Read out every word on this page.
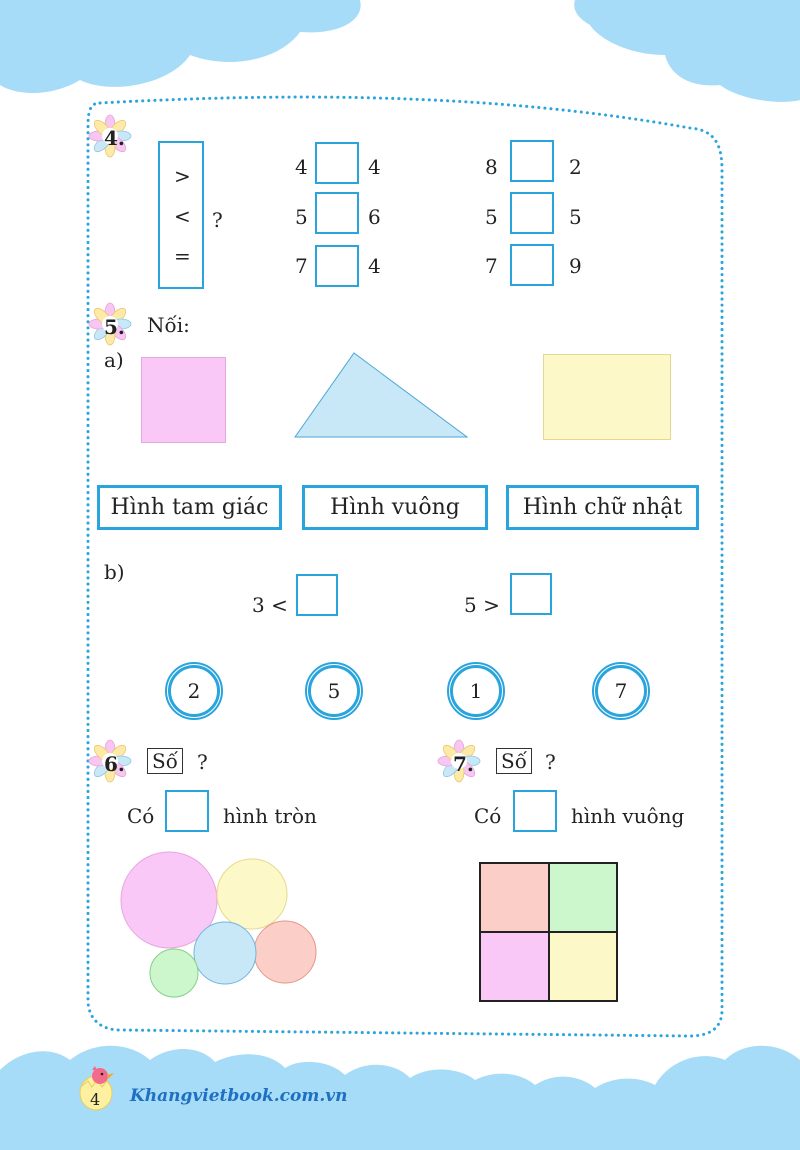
4.
>
<
=
?
4	4
5	6
7	4
8	2
5	5
7	9
5. Nối:
a)
Hình tam giác	Hình vuông	Hình chữ nhật
b)
3 <	5 >
2	5	1	7
6. Số ?
Có	hình tròn
7. Số ?
Có	hình vuông
4 Khangvietbook.com.vn
